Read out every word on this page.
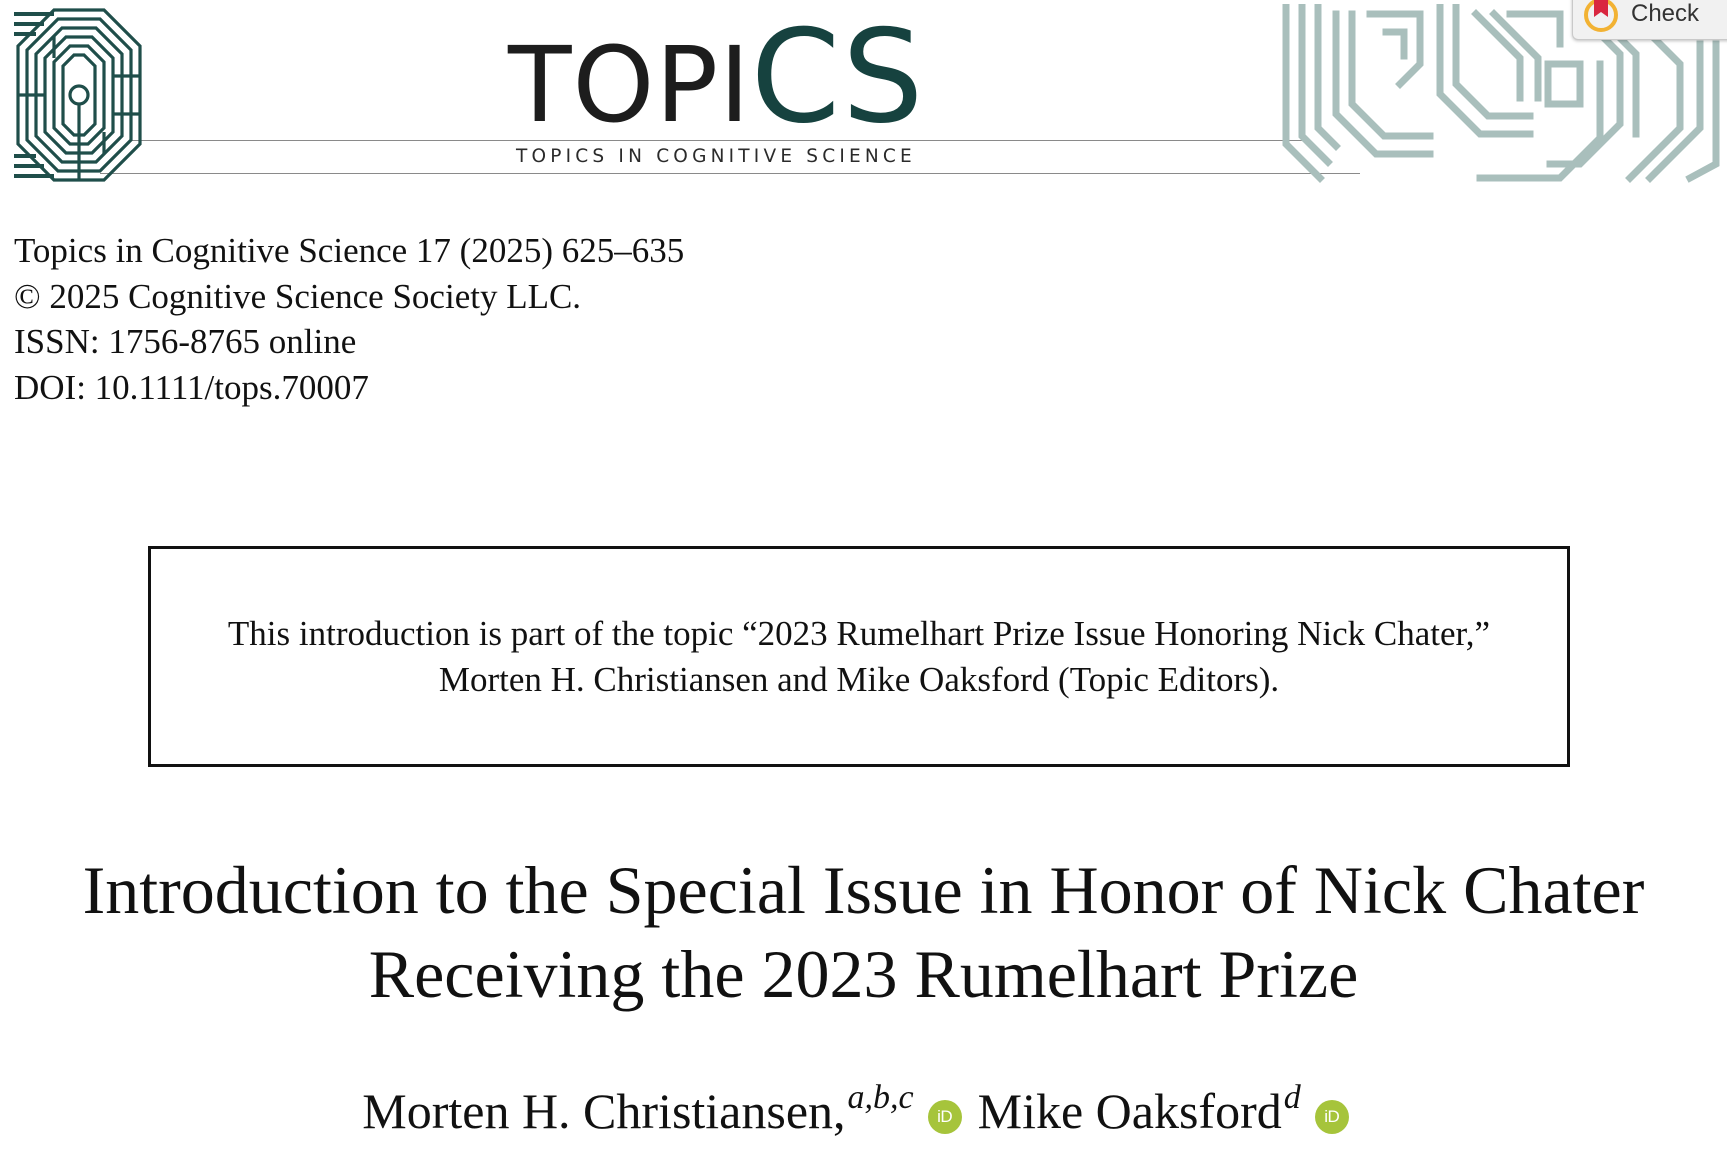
TOPICS
TOPICS IN COGNITIVE SCIENCE
Check
Topics in Cognitive Science 17 (2025) 625–635
© 2025 Cognitive Science Society LLC.
ISSN: 1756-8765 online
DOI: 10.1111/tops.70007
This introduction is part of the topic “2023 Rumelhart Prize Issue Honoring Nick Chater,”
Morten H. Christiansen and Mike Oaksford (Topic Editors).
Introduction to the Special Issue in Honor of Nick Chater
Receiving the 2023 Rumelhart Prize
Morten H. Christiansen,$^{a,b,c}$iD Mike Oaksford$^d$iD
